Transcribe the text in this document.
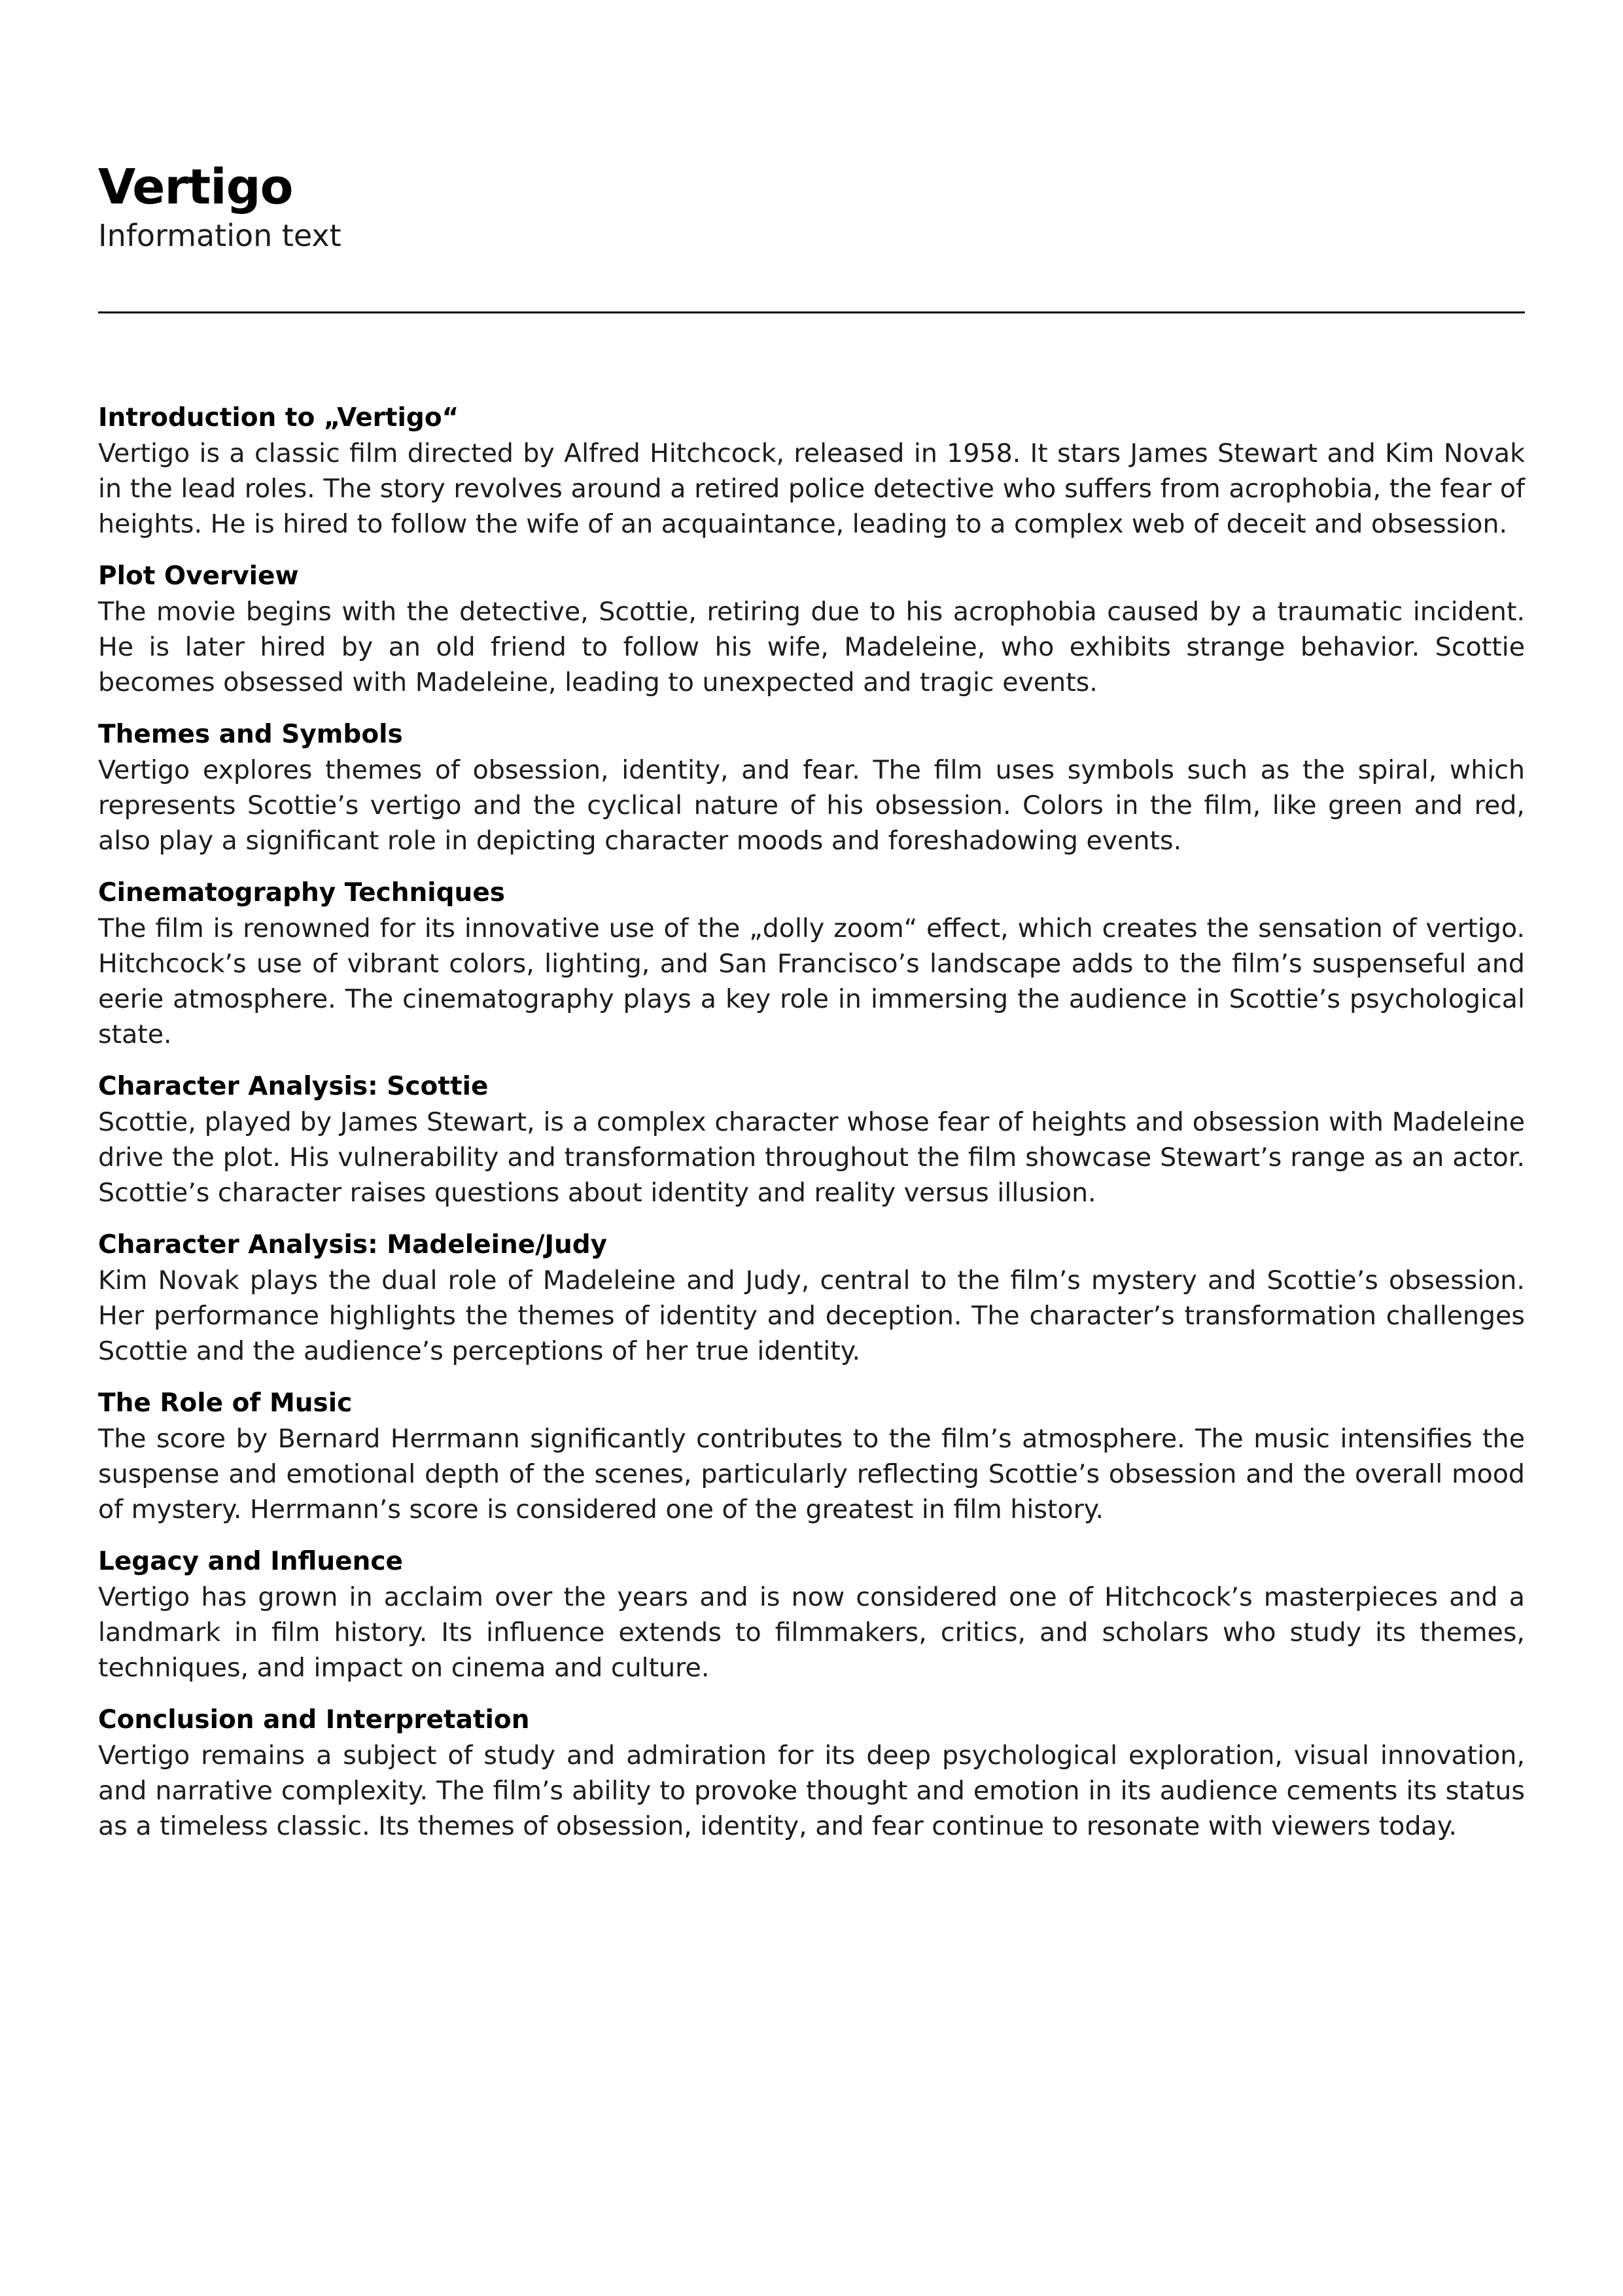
Vertigo

Information text

Introduction to „Vertigo“

Vertigo is a classic film directed by Alfred Hitchcock, released in 1958. It stars James Stewart and Kim Novak in the lead roles. The story revolves around a retired police detective who suffers from acrophobia, the fear of heights. He is hired to follow the wife of an acquaintance, leading to a complex web of deceit and obsession.

Plot Overview

The movie begins with the detective, Scottie, retiring due to his acrophobia caused by a traumatic incident. He is later hired by an old friend to follow his wife, Madeleine, who exhibits strange behavior. Scottie becomes obsessed with Madeleine, leading to unexpected and tragic events.

Themes and Symbols

Vertigo explores themes of obsession, identity, and fear. The film uses symbols such as the spiral, which represents Scottie’s vertigo and the cyclical nature of his obsession. Colors in the film, like green and red, also play a significant role in depicting character moods and foreshadowing events.

Cinematography Techniques

The film is renowned for its innovative use of the „dolly zoom“ effect, which creates the sensation of vertigo. Hitchcock’s use of vibrant colors, lighting, and San Francisco’s landscape adds to the film’s suspenseful and eerie atmosphere. The cinematography plays a key role in immersing the audience in Scottie’s psychological state.

Character Analysis: Scottie

Scottie, played by James Stewart, is a complex character whose fear of heights and obsession with Madeleine drive the plot. His vulnerability and transformation throughout the film showcase Stewart’s range as an actor. Scottie’s character raises questions about identity and reality versus illusion.

Character Analysis: Madeleine/Judy

Kim Novak plays the dual role of Madeleine and Judy, central to the film’s mystery and Scottie’s obsession. Her performance highlights the themes of identity and deception. The character’s transformation challenges Scottie and the audience’s perceptions of her true identity.

The Role of Music

The score by Bernard Herrmann significantly contributes to the film’s atmosphere. The music intensifies the suspense and emotional depth of the scenes, particularly reflecting Scottie’s obsession and the overall mood of mystery. Herrmann’s score is considered one of the greatest in film history.

Legacy and Influence

Vertigo has grown in acclaim over the years and is now considered one of Hitchcock’s masterpieces and a landmark in film history. Its influence extends to filmmakers, critics, and scholars who study its themes, techniques, and impact on cinema and culture.

Conclusion and Interpretation

Vertigo remains a subject of study and admiration for its deep psychological exploration, visual innovation, and narrative complexity. The film’s ability to provoke thought and emotion in its audience cements its status as a timeless classic. Its themes of obsession, identity, and fear continue to resonate with viewers today.
